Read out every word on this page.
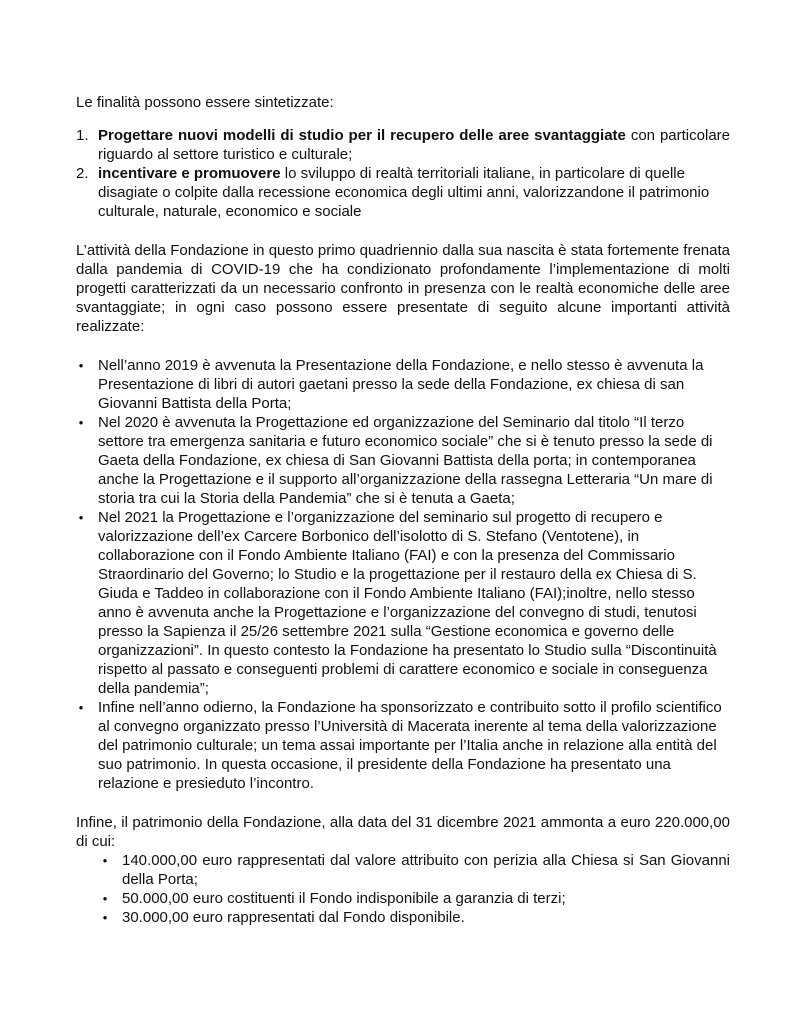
Le finalità possono essere sintetizzate:

1. Progettare nuovi modelli di studio per il recupero delle aree svantaggiate con particolare riguardo al settore turistico e culturale;
2. incentivare e promuovere lo sviluppo di realtà territoriali italiane, in particolare di quelle disagiate o colpite dalla recessione economica degli ultimi anni, valorizzandone il patrimonio culturale, naturale, economico e sociale

L’attività della Fondazione in questo primo quadriennio dalla sua nascita è stata fortemente frenata dalla pandemia di COVID-19 che ha condizionato profondamente l’implementazione di molti progetti caratterizzati da un necessario confronto in presenza con le realtà economiche delle aree svantaggiate; in ogni caso possono essere presentate di seguito alcune importanti attività realizzate:

• Nell’anno 2019 è avvenuta la Presentazione della Fondazione, e nello stesso è avvenuta la Presentazione di libri di autori gaetani presso la sede della Fondazione, ex chiesa di san Giovanni Battista della Porta;
• Nel 2020 è avvenuta la Progettazione ed organizzazione del Seminario dal titolo “Il terzo settore tra emergenza sanitaria e futuro economico sociale” che si è tenuto presso la sede di Gaeta della Fondazione, ex chiesa di San Giovanni Battista della porta; in contemporanea anche la Progettazione e il supporto all’organizzazione della rassegna Letteraria “Un mare di storia tra cui la Storia della Pandemia” che si è tenuta a Gaeta;
• Nel 2021 la Progettazione e l’organizzazione del seminario sul progetto di recupero e valorizzazione dell’ex Carcere Borbonico dell’isolotto di S. Stefano (Ventotene), in collaborazione con il Fondo Ambiente Italiano (FAI) e con la presenza del Commissario Straordinario del Governo; lo Studio e la progettazione per il restauro della ex Chiesa di S. Giuda e Taddeo in collaborazione con il Fondo Ambiente Italiano (FAI);inoltre, nello stesso anno è avvenuta anche la Progettazione e l’organizzazione del convegno di studi, tenutosi presso la Sapienza il 25/26 settembre 2021 sulla “Gestione economica e governo delle organizzazioni”. In questo contesto la Fondazione ha presentato lo Studio sulla “Discontinuità rispetto al passato e conseguenti problemi di carattere economico e sociale in conseguenza della pandemia”;
• Infine nell’anno odierno, la Fondazione ha sponsorizzato e contribuito sotto il profilo scientifico al convegno organizzato presso l’Università di Macerata inerente al tema della valorizzazione del patrimonio culturale; un tema assai importante per l’Italia anche in relazione alla entità del suo patrimonio. In questa occasione, il presidente della Fondazione ha presentato una relazione e presieduto l’incontro.

Infine, il patrimonio della Fondazione, alla data del 31 dicembre 2021 ammonta a euro 220.000,00 di cui:

• 140.000,00 euro rappresentati dal valore attribuito con perizia alla Chiesa si San Giovanni della Porta;
• 50.000,00 euro costituenti il Fondo indisponibile a garanzia di terzi;
• 30.000,00 euro rappresentati dal Fondo disponibile.
